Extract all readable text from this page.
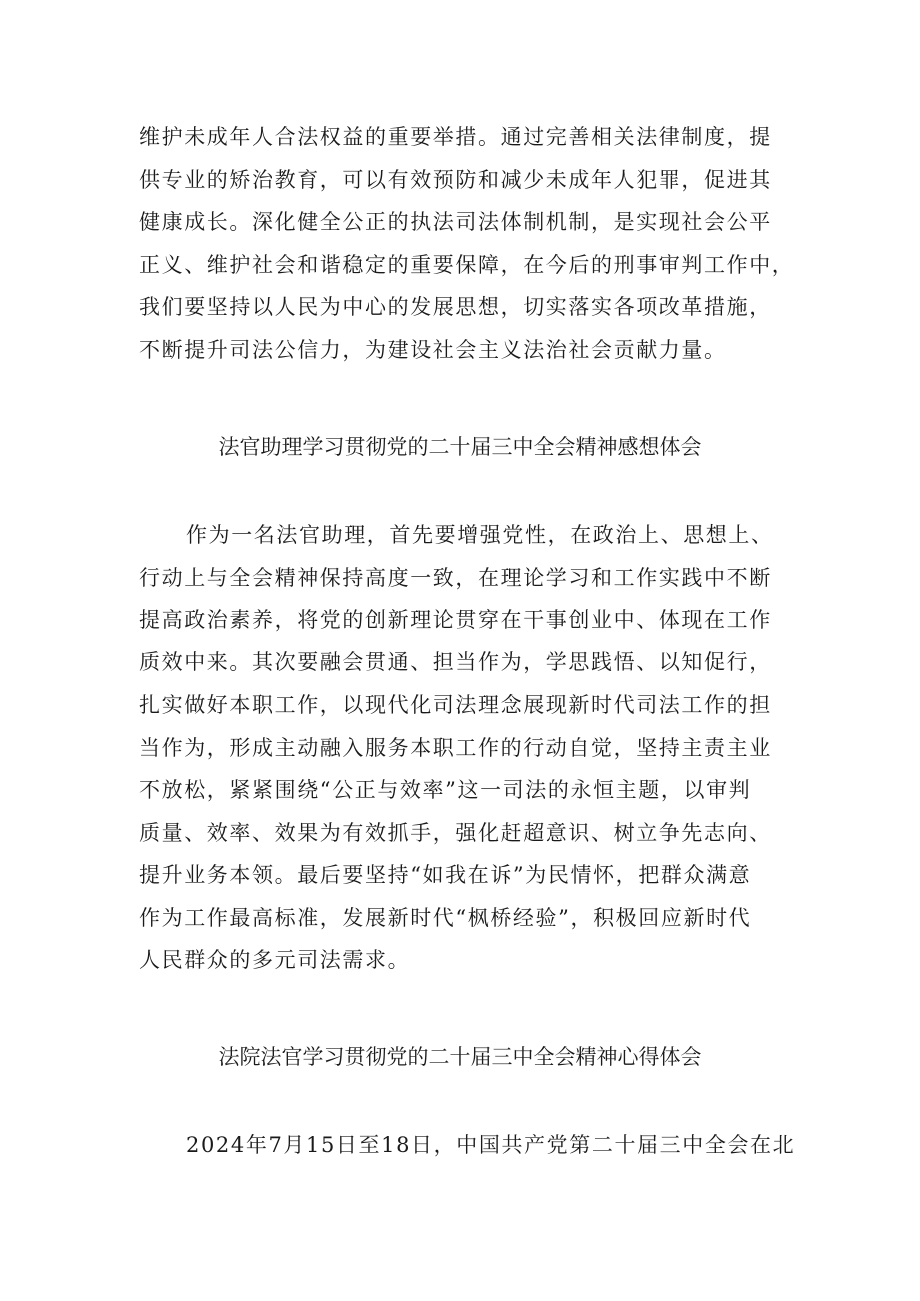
维护未成年人合法权益的重要举措。通过完善相关法律制度，提
供专业的矫治教育，可以有效预防和减少未成年人犯罪，促进其
健康成长。深化健全公正的执法司法体制机制，是实现社会公平
正义、维护社会和谐稳定的重要保障，在今后的刑事审判工作中，
我们要坚持以人民为中心的发展思想，切实落实各项改革措施，
不断提升司法公信力，为建设社会主义法治社会贡献力量。
法官助理学习贯彻党的二十届三中全会精神感想体会
作为一名法官助理，首先要增强党性，在政治上、思想上、
行动上与全会精神保持高度一致，在理论学习和工作实践中不断
提高政治素养，将党的创新理论贯穿在干事创业中、体现在工作
质效中来。其次要融会贯通、担当作为，学思践悟、以知促行，
扎实做好本职工作，以现代化司法理念展现新时代司法工作的担
当作为，形成主动融入服务本职工作的行动自觉，坚持主责主业
不放松，紧紧围绕“公正与效率”这一司法的永恒主题，以审判
质量、效率、效果为有效抓手，强化赶超意识、树立争先志向、
提升业务本领。最后要坚持“如我在诉”为民情怀，把群众满意
作为工作最高标准，发展新时代“枫桥经验”，积极回应新时代
人民群众的多元司法需求。
法院法官学习贯彻党的二十届三中全会精神心得体会
2024年7月15日至18日，中国共产党第二十届三中全会在北
